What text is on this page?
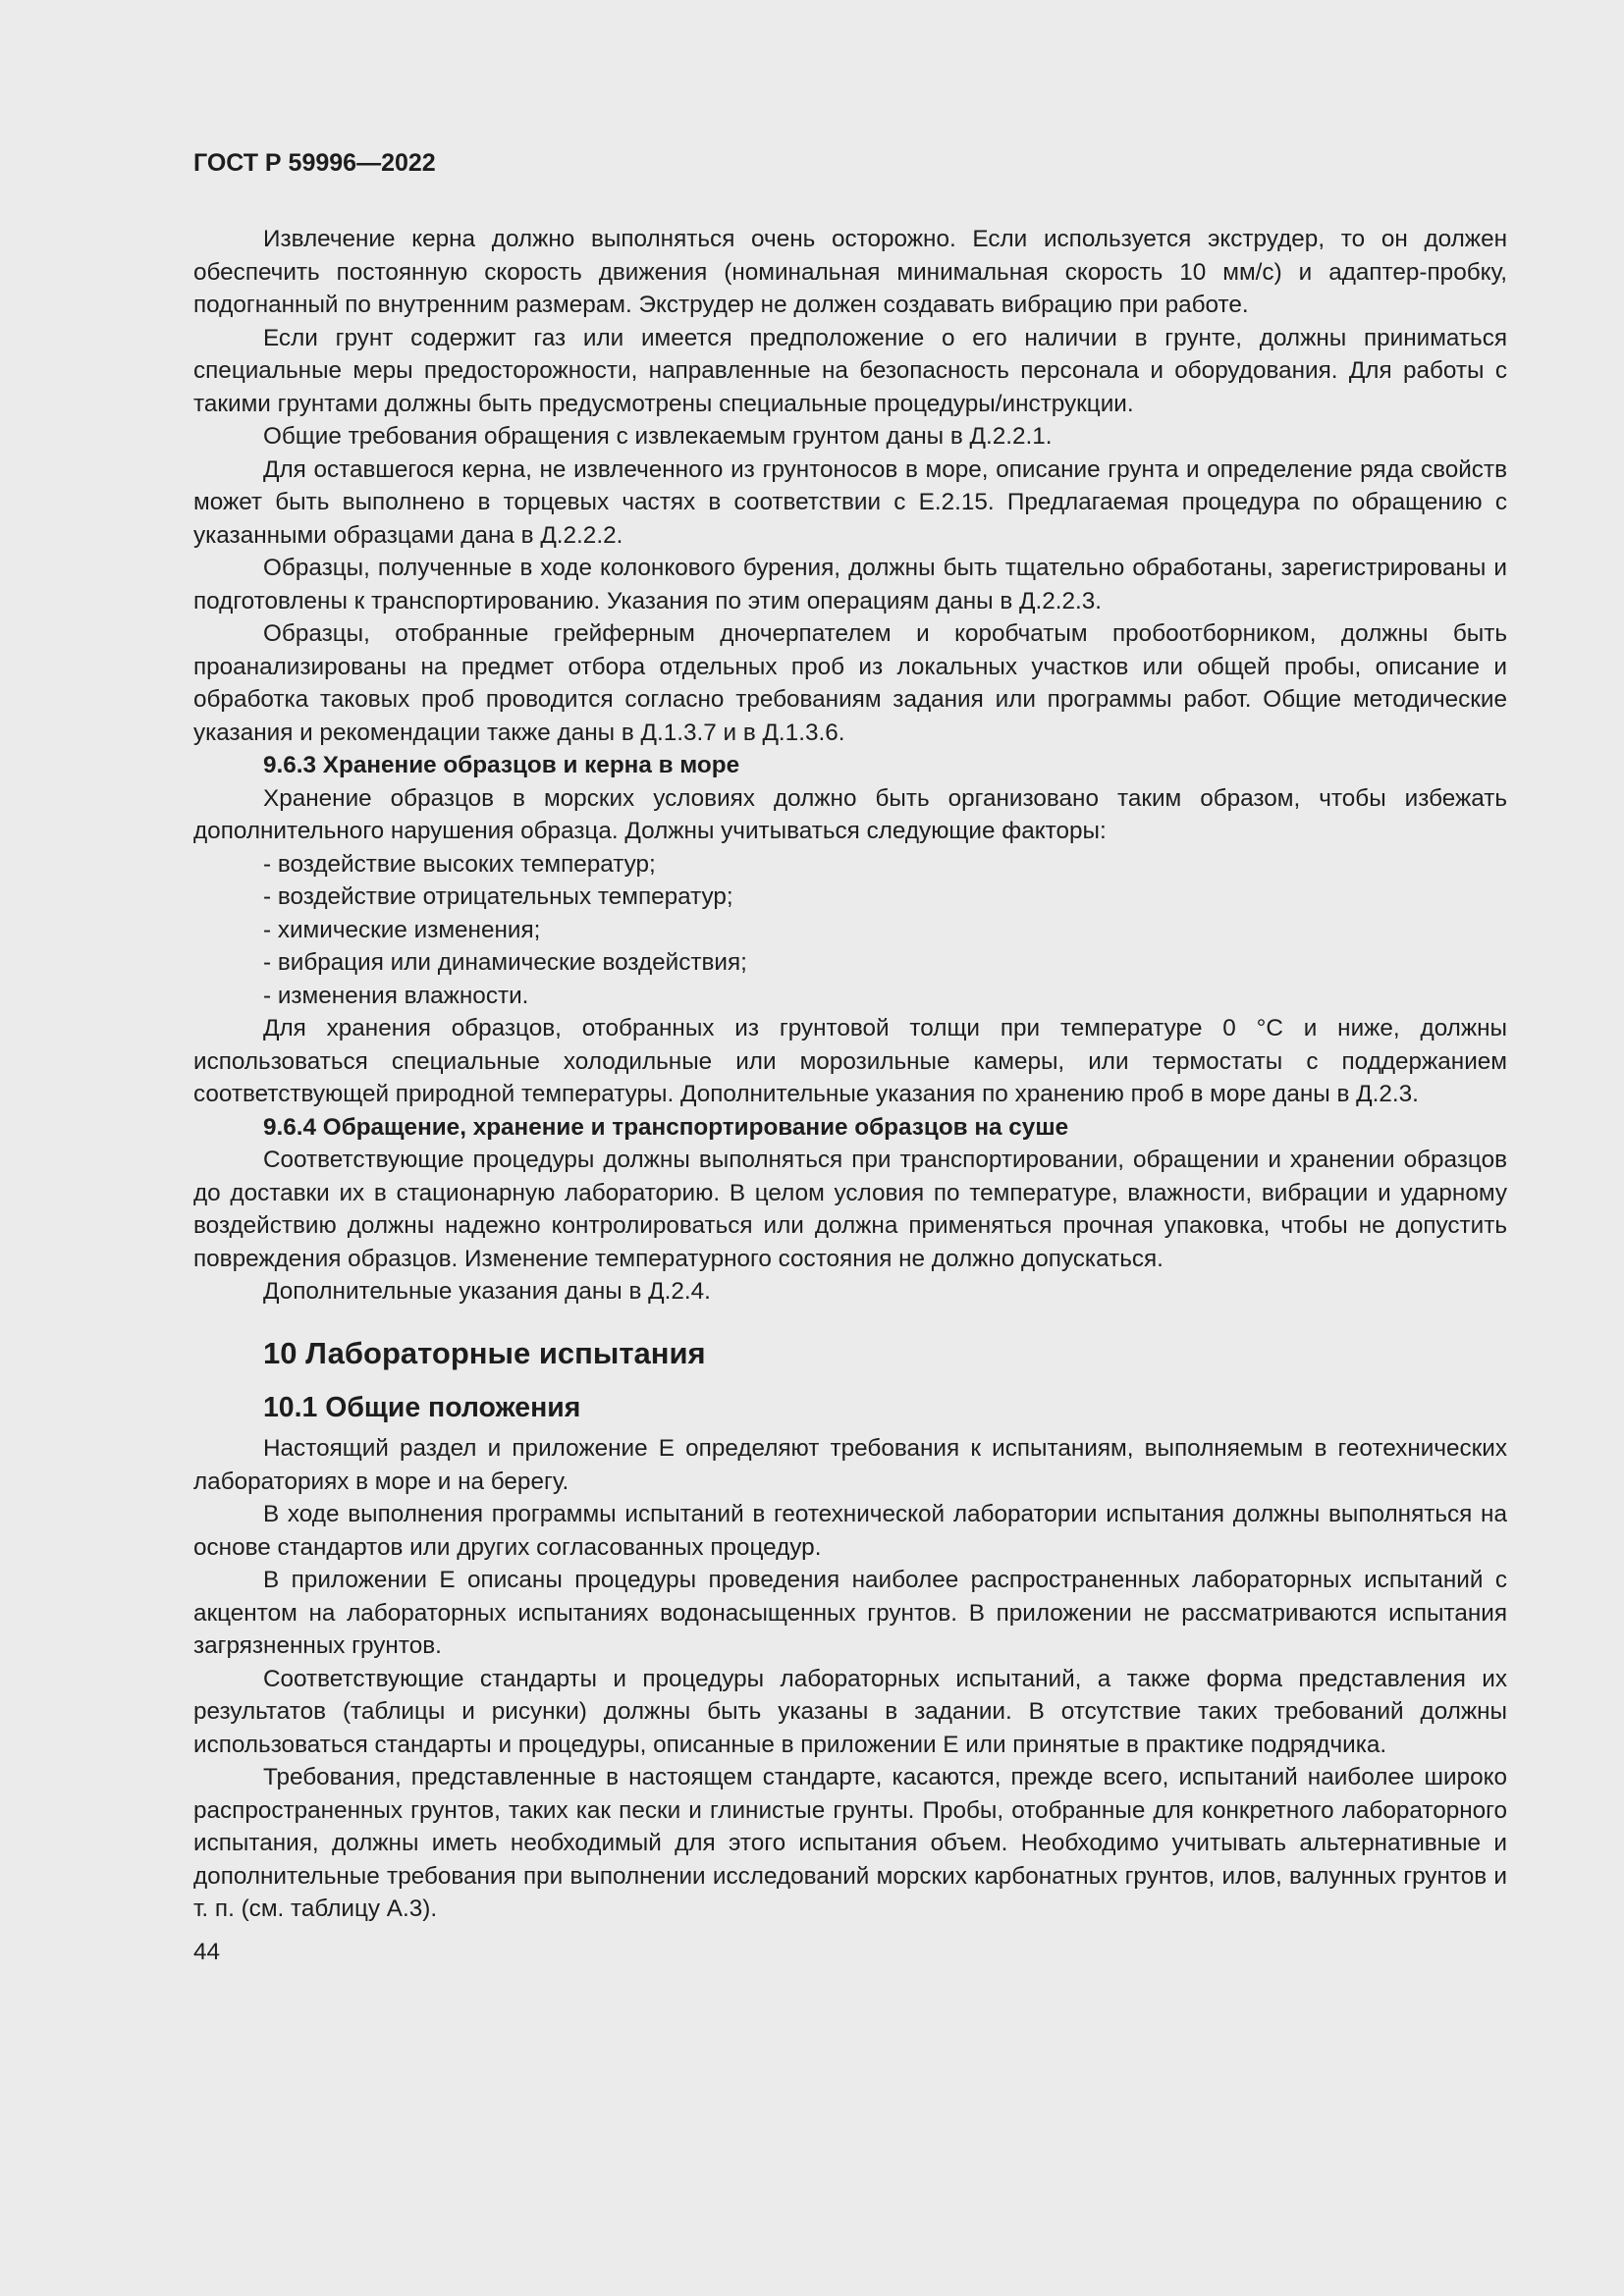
ГОСТ Р 59996—2022

Извлечение керна должно выполняться очень осторожно. Если используется экструдер, то он должен обеспечить постоянную скорость движения (номинальная минимальная скорость 10 мм/с) и адаптер-пробку, подогнанный по внутренним размерам. Экструдер не должен создавать вибрацию при работе.

Если грунт содержит газ или имеется предположение о его наличии в грунте, должны приниматься специальные меры предосторожности, направленные на безопасность персонала и оборудования. Для работы с такими грунтами должны быть предусмотрены специальные процедуры/инструкции.

Общие требования обращения с извлекаемым грунтом даны в Д.2.2.1.

Для оставшегося керна, не извлеченного из грунтоносов в море, описание грунта и определение ряда свойств может быть выполнено в торцевых частях в соответствии с Е.2.15. Предлагаемая процедура по обращению с указанными образцами дана в Д.2.2.2.

Образцы, полученные в ходе колонкового бурения, должны быть тщательно обработаны, зарегистрированы и подготовлены к транспортированию. Указания по этим операциям даны в Д.2.2.3.

Образцы, отобранные грейферным дночерпателем и коробчатым пробоотборником, должны быть проанализированы на предмет отбора отдельных проб из локальных участков или общей пробы, описание и обработка таковых проб проводится согласно требованиям задания или программы работ. Общие методические указания и рекомендации также даны в Д.1.3.7 и в Д.1.3.6.

9.6.3 Хранение образцов и керна в море

Хранение образцов в морских условиях должно быть организовано таким образом, чтобы избежать дополнительного нарушения образца. Должны учитываться следующие факторы:

- воздействие высоких температур;
- воздействие отрицательных температур;
- химические изменения;
- вибрация или динамические воздействия;
- изменения влажности.

Для хранения образцов, отобранных из грунтовой толщи при температуре 0 °С и ниже, должны использоваться специальные холодильные или морозильные камеры, или термостаты с поддержанием соответствующей природной температуры. Дополнительные указания по хранению проб в море даны в Д.2.3.

9.6.4 Обращение, хранение и транспортирование образцов на суше

Соответствующие процедуры должны выполняться при транспортировании, обращении и хранении образцов до доставки их в стационарную лабораторию. В целом условия по температуре, влажности, вибрации и ударному воздействию должны надежно контролироваться или должна применяться прочная упаковка, чтобы не допустить повреждения образцов. Изменение температурного состояния не должно допускаться.

Дополнительные указания даны в Д.2.4.

10 Лабораторные испытания
10.1 Общие положения

Настоящий раздел и приложение Е определяют требования к испытаниям, выполняемым в геотехнических лабораториях в море и на берегу.

В ходе выполнения программы испытаний в геотехнической лаборатории испытания должны выполняться на основе стандартов или других согласованных процедур.

В приложении Е описаны процедуры проведения наиболее распространенных лабораторных испытаний с акцентом на лабораторных испытаниях водонасыщенных грунтов. В приложении не рассматриваются испытания загрязненных грунтов.

Соответствующие стандарты и процедуры лабораторных испытаний, а также форма представления их результатов (таблицы и рисунки) должны быть указаны в задании. В отсутствие таких требований должны использоваться стандарты и процедуры, описанные в приложении Е или принятые в практике подрядчика.

Требования, представленные в настоящем стандарте, касаются, прежде всего, испытаний наиболее широко распространенных грунтов, таких как пески и глинистые грунты. Пробы, отобранные для конкретного лабораторного испытания, должны иметь необходимый для этого испытания объем. Необходимо учитывать альтернативные и дополнительные требования при выполнении исследований морских карбонатных грунтов, илов, валунных грунтов и т. п. (см. таблицу А.3).

44
